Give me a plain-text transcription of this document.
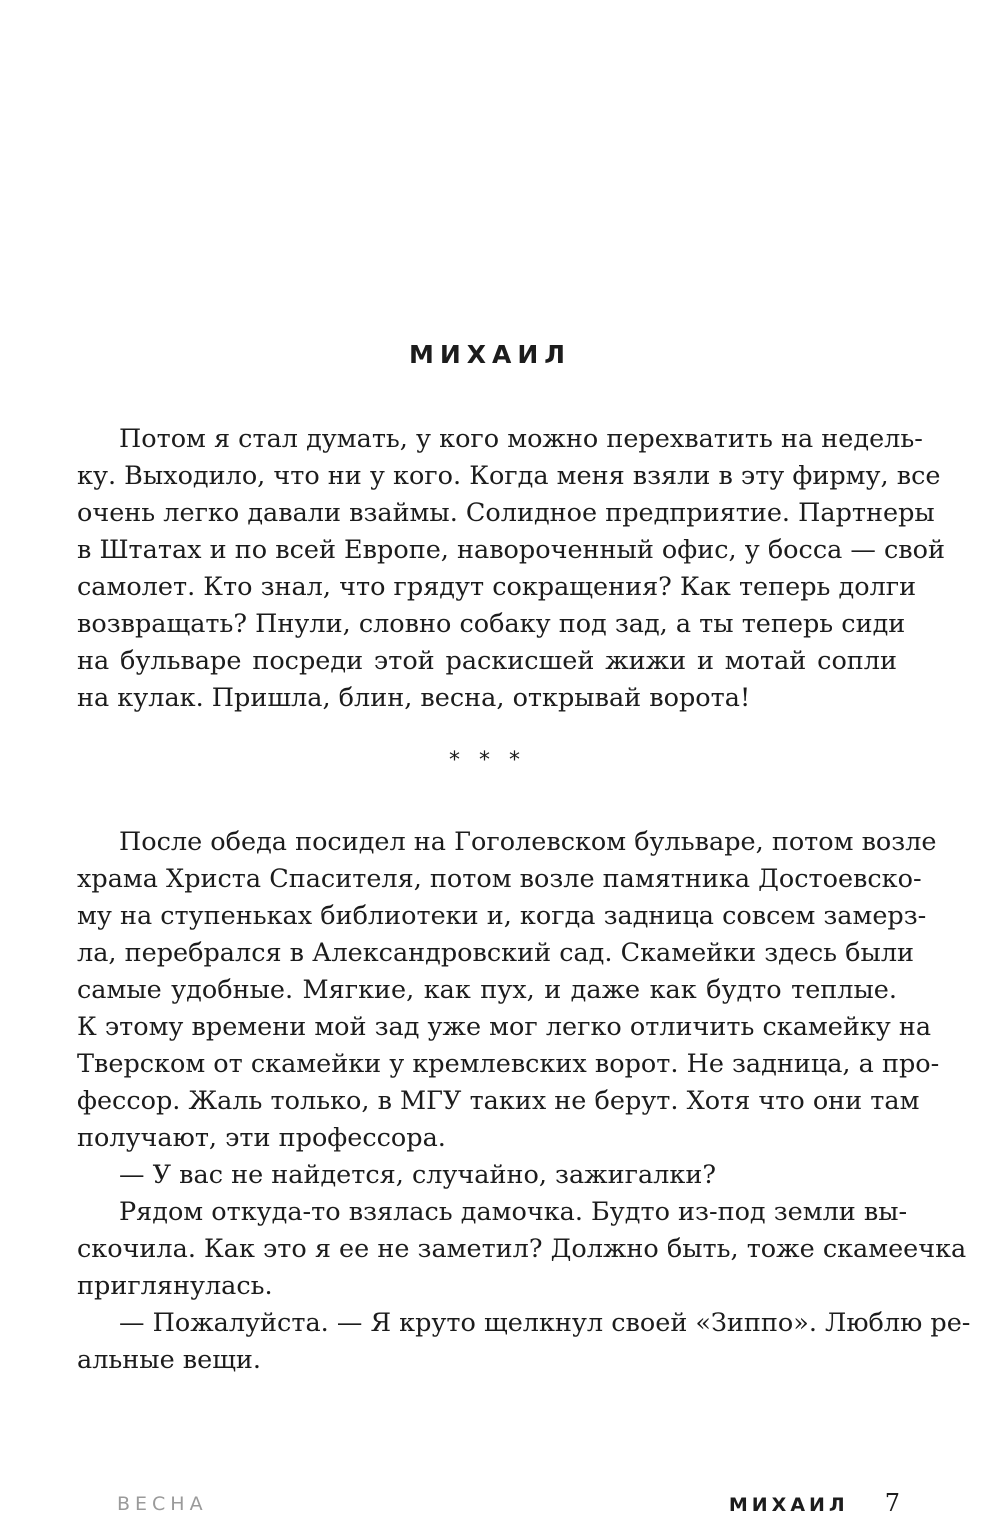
МИХАИЛ
Потом я стал думать, у кого можно перехватить на недель-
ку. Выходило, что ни у кого. Когда меня взяли в эту фирму, все
очень легко давали взаймы. Солидное предприятие. Партнеры
в Штатах и по всей Европе, навороченный офис, у босса — свой
самолет. Кто знал, что грядут сокращения? Как теперь долги
возвращать? Пнули, словно собаку под зад, а ты теперь сиди
на бульваре посреди этой раскисшей жижи и мотай сопли
на кулак. Пришла, блин, весна, открывай ворота!
* * *
После обеда посидел на Гоголевском бульваре, потом возле
храма Христа Спасителя, потом возле памятника Достоевско-
му на ступеньках библиотеки и, когда задница совсем замерз-
ла, перебрался в Александровский сад. Скамейки здесь были
самые удобные. Мягкие, как пух, и даже как будто теплые.
К этому времени мой зад уже мог легко отличить скамейку на
Тверском от скамейки у кремлевских ворот. Не задница, а про-
фессор. Жаль только, в МГУ таких не берут. Хотя что они там
получают, эти профессора.
— У вас не найдется, случайно, зажигалки?
Рядом откуда-то взялась дамочка. Будто из-под земли вы-
скочила. Как это я ее не заметил? Должно быть, тоже скамеечка
приглянулась.
— Пожалуйста. — Я круто щелкнул своей «Зиппо». Люблю ре-
альные вещи.
ВЕСНА	МИХАИЛ 7
